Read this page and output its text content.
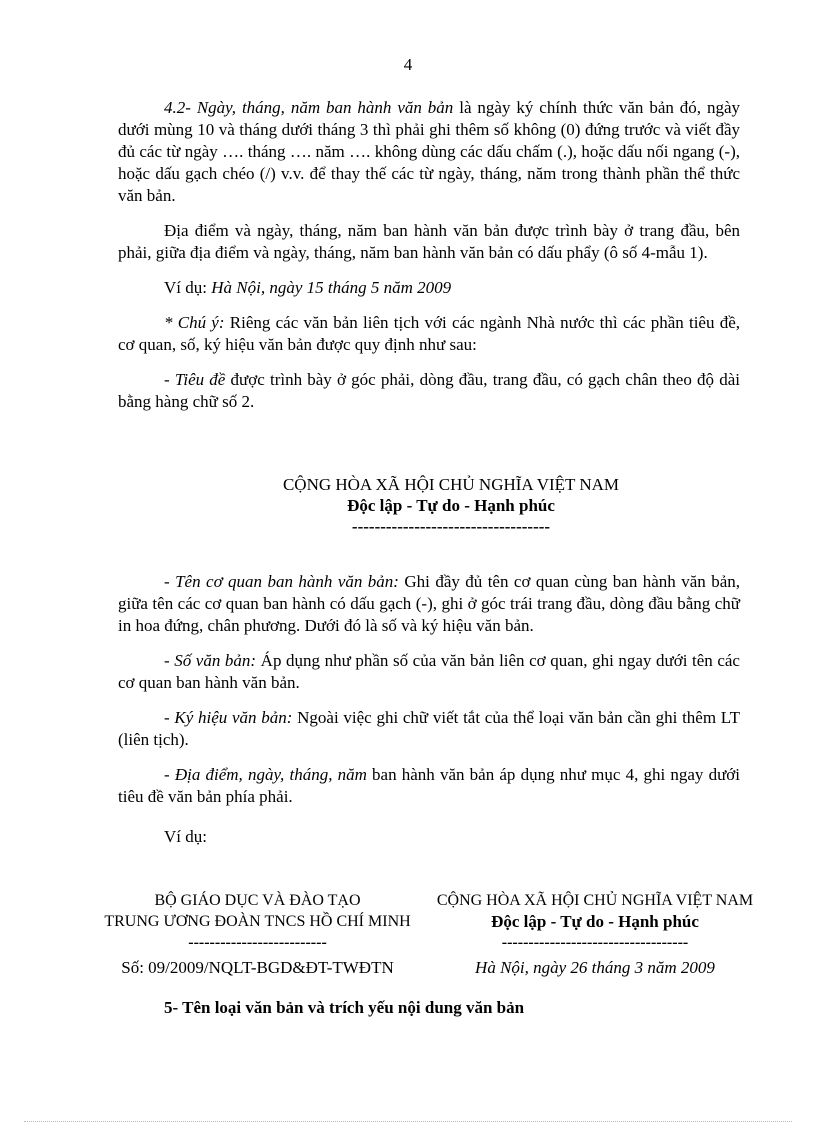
4

4.2- Ngày, tháng, năm ban hành văn bản là ngày ký chính thức văn bản đó, ngày dưới mùng 10 và tháng dưới tháng 3 thì phải ghi thêm số không (0) đứng trước và viết đầy đủ các từ ngày …. tháng …. năm …. không dùng các dấu chấm (.), hoặc dấu nối ngang (-), hoặc dấu gạch chéo (/) v.v. để thay thế các từ ngày, tháng, năm trong thành phần thể thức văn bản.

Địa điểm và ngày, tháng, năm ban hành văn bản được trình bày ở trang đầu, bên phải, giữa địa điểm và ngày, tháng, năm ban hành văn bản có dấu phẩy (ô số 4-mẫu 1).

Ví dụ: Hà Nội, ngày 15 tháng 5 năm 2009

* Chú ý: Riêng các văn bản liên tịch với các ngành Nhà nước thì các phần tiêu đề, cơ quan, số, ký hiệu văn bản được quy định như sau:

- Tiêu đề được trình bày ở góc phải, dòng đầu, trang đầu, có gạch chân theo độ dài bằng hàng chữ số 2.

CỘNG HÒA XÃ HỘI CHỦ NGHĨA VIỆT NAM
Độc lập - Tự do - Hạnh phúc
-----------------------------------

- Tên cơ quan ban hành văn bản: Ghi đầy đủ tên cơ quan cùng ban hành văn bản, giữa tên các cơ quan ban hành có dấu gạch (-), ghi ở góc trái trang đầu, dòng đầu bằng chữ in hoa đứng, chân phương. Dưới đó là số và ký hiệu văn bản.

- Số văn bản: Áp dụng như phần số của văn bản liên cơ quan, ghi ngay dưới tên các cơ quan ban hành văn bản.

- Ký hiệu văn bản: Ngoài việc ghi chữ viết tắt của thể loại văn bản cần ghi thêm LT (liên tịch).

- Địa điểm, ngày, tháng, năm ban hành văn bản áp dụng như mục 4, ghi ngay dưới tiêu đề văn bản phía phải.

Ví dụ:

BỘ GIÁO DỤC VÀ ĐÀO TẠO
TRUNG ƯƠNG ĐOÀN TNCS HỒ CHÍ MINH
--------------------------
Số: 09/2009/NQLT-BGD&ĐT-TWĐTN
CỘNG HÒA XÃ HỘI CHỦ NGHĨA VIỆT NAM
Độc lập - Tự do - Hạnh phúc
-----------------------------------
Hà Nội, ngày 26 tháng 3 năm 2009
5- Tên loại văn bản và trích yếu nội dung văn bản
